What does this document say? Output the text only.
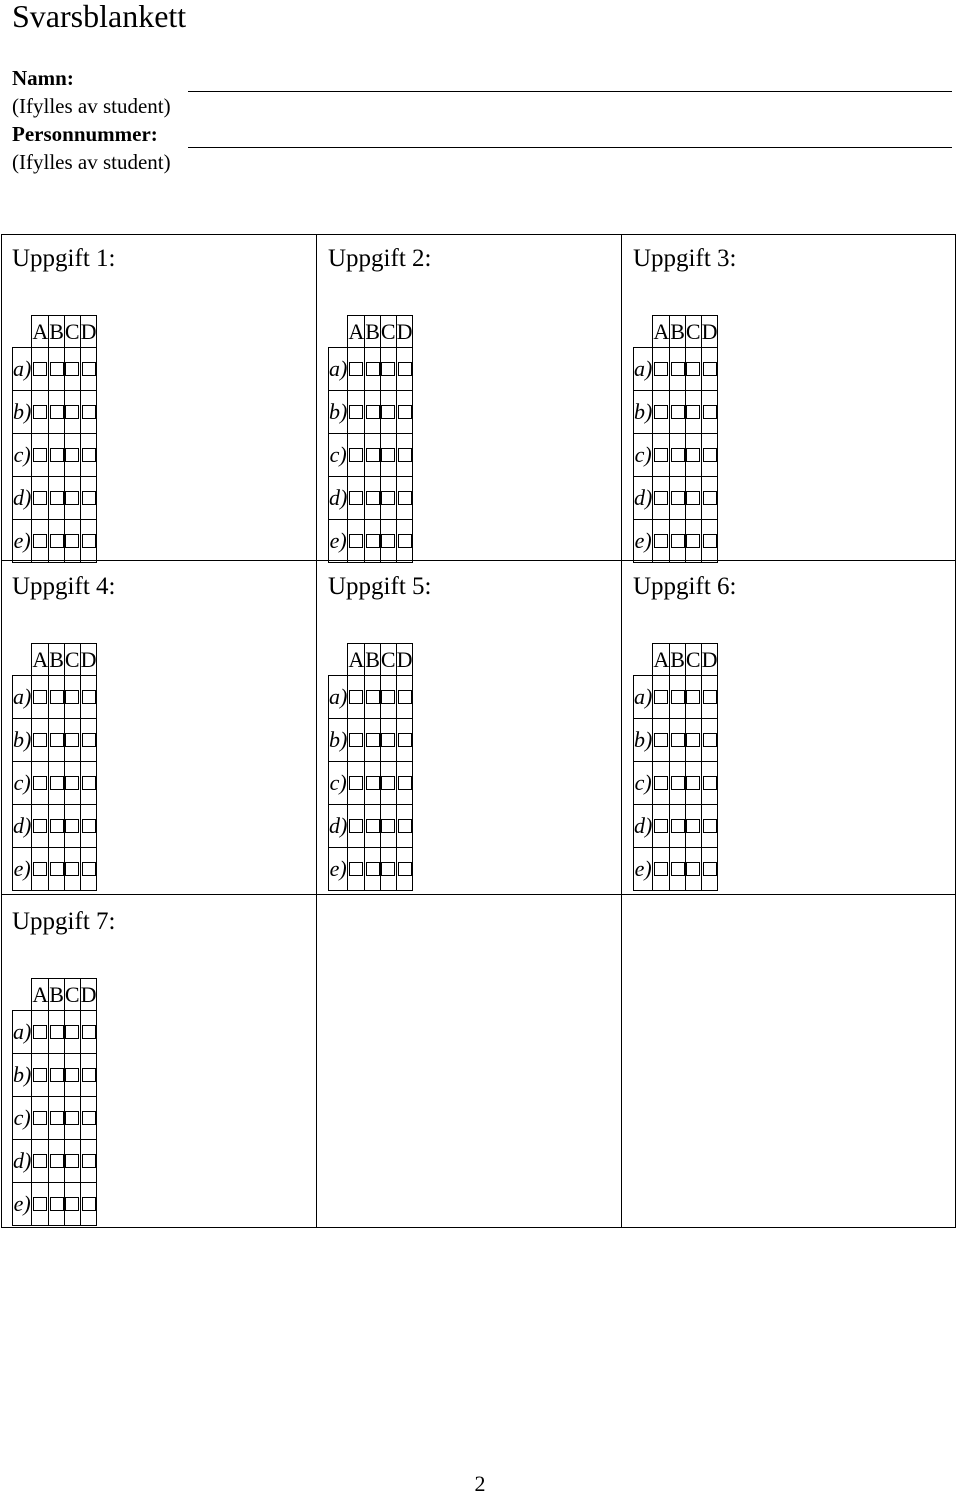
Svarsblankett
Namn:
(Ifylles av student)
Personnummer:
(Ifylles av student)
Uppgift 1:
	A	B	C	D
a)				
b)				
c)				
d)				
e)				
Uppgift 2:
	A	B	C	D
a)				
b)				
c)				
d)				
e)				
Uppgift 3:
	A	B	C	D
a)				
b)				
c)				
d)				
e)				
Uppgift 4:
	A	B	C	D
a)				
b)				
c)				
d)				
e)				
Uppgift 5:
	A	B	C	D
a)				
b)				
c)				
d)				
e)				
Uppgift 6:
	A	B	C	D
a)				
b)				
c)				
d)				
e)				
Uppgift 7:
	A	B	C	D
a)				
b)				
c)				
d)				
e)				
2
